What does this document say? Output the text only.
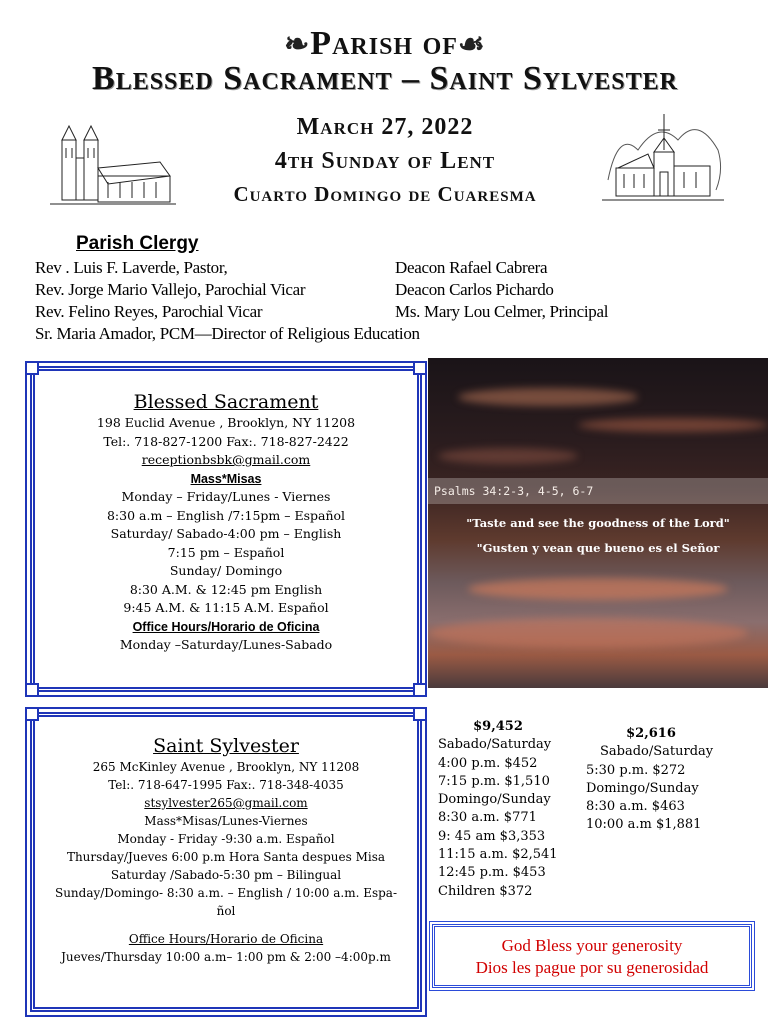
❧Parish of☙
Blessed Sacrament – Saint Sylvester
March 27, 2022
4th Sunday of Lent
Cuarto Domingo de Cuaresma
Parish Clergy
Rev . Luis F. Laverde, Pastor,
Rev. Jorge Mario Vallejo, Parochial Vicar
Rev. Felino Reyes, Parochial Vicar
Sr. Maria Amador, PCM—Director of Religious Education
Deacon Rafael Cabrera
Deacon Carlos Pichardo
Ms. Mary Lou Celmer, Principal
Blessed Sacrament
198 Euclid Avenue , Brooklyn, NY 11208
Tel:. 718-827-1200 Fax:. 718-827-2422
receptionbsbk@gmail.com
Mass*Misas
Monday – Friday/Lunes - Viernes
8:30 a.m – English /7:15pm – Español
Saturday/ Sabado-4:00 pm – English
7:15 pm – Español
Sunday/ Domingo
8:30 A.M. & 12:45 pm English
9:45 A.M. & 11:15 A.M. Español
Office Hours/Horario de Oficina
Monday –Saturday/Lunes-Sabado
Psalms 34:2-3, 4-5, 6-7
"Taste and see the goodness of the Lord"
"Gusten y vean que bueno es el Señor
Saint Sylvester
265 McKinley Avenue , Brooklyn, NY 11208
Tel:. 718-647-1995 Fax:. 718-348-4035
stsylvester265@gmail.com
Mass*Misas/Lunes-Viernes
Monday - Friday -9:30 a.m. Español
Thursday/Jueves 6:00 p.m Hora Santa despues Misa
Saturday /Sabado-5:30 pm – Bilingual
Sunday/Domingo- 8:30 a.m. – English / 10:00 a.m. Espa-
ñol
Office Hours/Horario de Oficina
Jueves/Thursday 10:00 a.m– 1:00 pm & 2:00 –4:00p.m
$9,452
Sabado/Saturday
4:00 p.m. $452
7:15 p.m. $1,510
Domingo/Sunday
8:30 a.m. $771
9: 45 am $3,353
11:15 a.m. $2,541
12:45 p.m. $453
Children $372
$2,616
Sabado/Saturday
5:30 p.m. $272
Domingo/Sunday
8:30 a.m. $463
10:00 a.m $1,881
God Bless your generosity
Dios les pague por su generosidad
